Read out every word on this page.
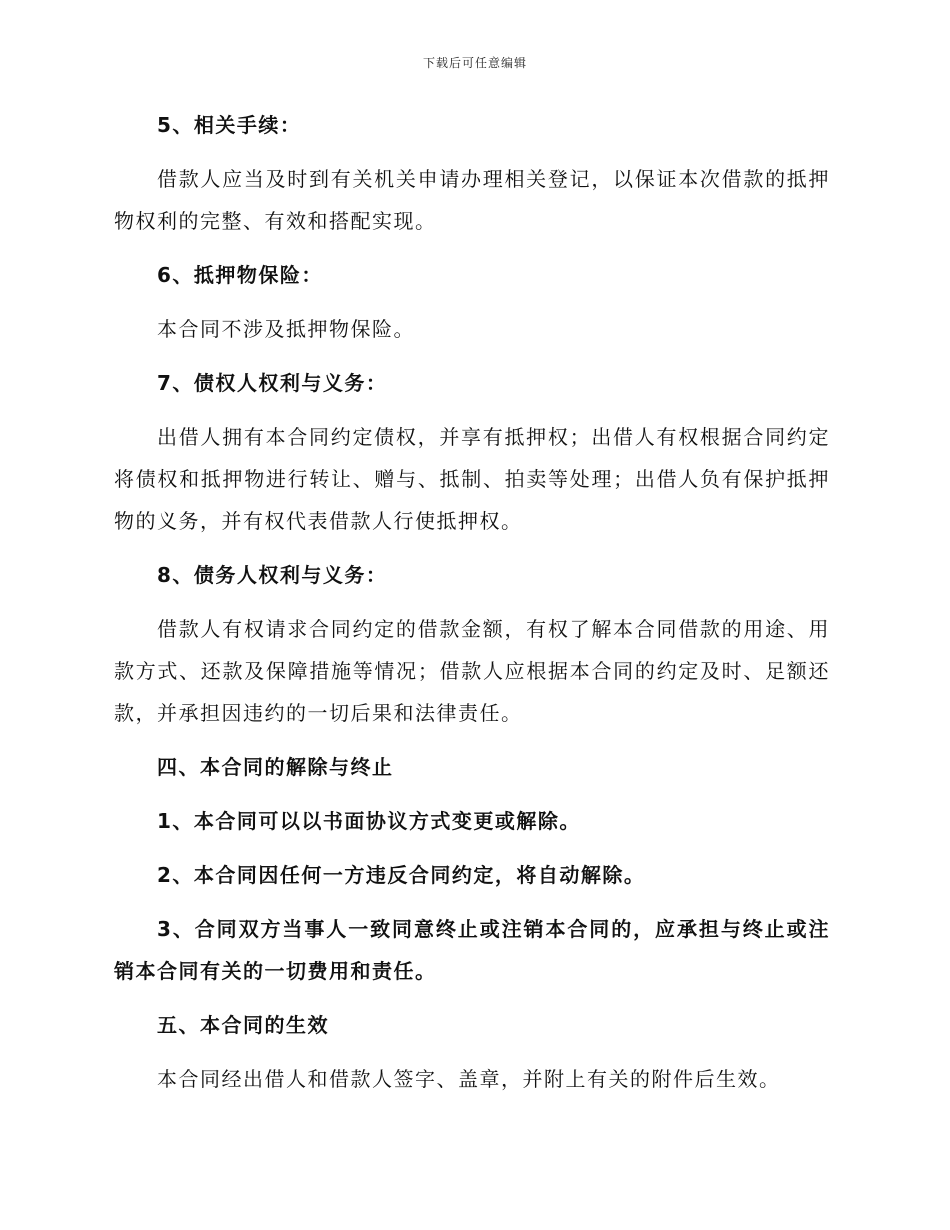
下载后可任意编辑

5、相关手续：

借款人应当及时到有关机关申请办理相关登记，以保证本次借款的抵押物权利的完整、有效和搭配实现。

6、抵押物保险：

本合同不涉及抵押物保险。

7、债权人权利与义务：

出借人拥有本合同约定债权，并享有抵押权；出借人有权根据合同约定将债权和抵押物进行转让、赠与、抵制、拍卖等处理；出借人负有保护抵押物的义务，并有权代表借款人行使抵押权。

8、债务人权利与义务：

借款人有权请求合同约定的借款金额，有权了解本合同借款的用途、用款方式、还款及保障措施等情况；借款人应根据本合同的约定及时、足额还款，并承担因违约的一切后果和法律责任。

四、本合同的解除与终止

1、本合同可以以书面协议方式变更或解除。

2、本合同因任何一方违反合同约定，将自动解除。

3、合同双方当事人一致同意终止或注销本合同的，应承担与终止或注销本合同有关的一切费用和责任。

五、本合同的生效

本合同经出借人和借款人签字、盖章，并附上有关的附件后生效。
